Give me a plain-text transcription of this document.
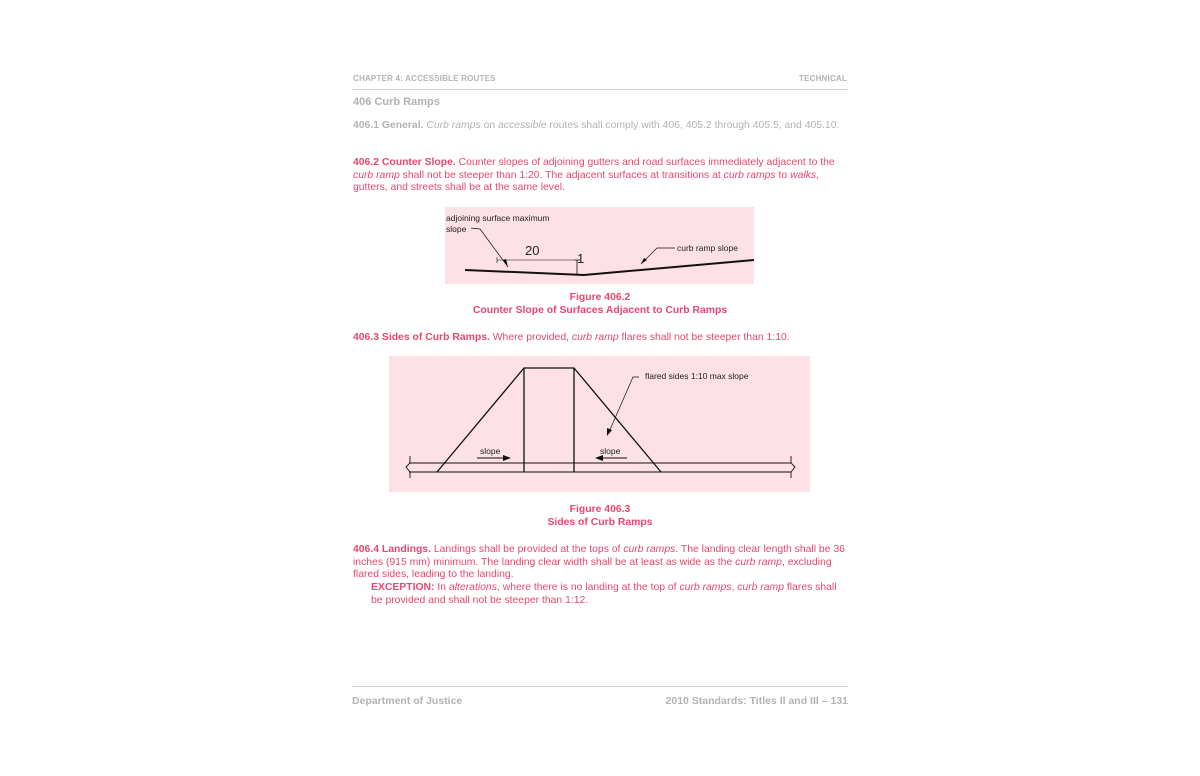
CHAPTER 4: ACCESSIBLE ROUTES	TECHNICAL
406 Curb Ramps

406.1 General. Curb ramps on accessible routes shall comply with 406, 405.2 through 405.5, and 405.10.

406.2 Counter Slope. Counter slopes of adjoining gutters and road surfaces immediately adjacent to the curb ramp shall not be steeper than 1:20. The adjacent surfaces at transitions at curb ramps to walks, gutters, and streets shall be at the same level.

adjoining surface maximum
slope
20
1
curb ramp slope
Figure 406.2
Counter Slope of Surfaces Adjacent to Curb Ramps

406.3 Sides of Curb Ramps. Where provided, curb ramp flares shall not be steeper than 1:10.

flared sides 1:10 max slope
slope	slope
Figure 406.3
Sides of Curb Ramps

406.4 Landings. Landings shall be provided at the tops of curb ramps. The landing clear length shall be 36 inches (915 mm) minimum. The landing clear width shall be at least as wide as the curb ramp, excluding flared sides, leading to the landing.

EXCEPTION: In alterations, where there is no landing at the top of curb ramps, curb ramp flares shall be provided and shall not be steeper than 1:12.

Department of Justice	2010 Standards: Titles II and III – 131
